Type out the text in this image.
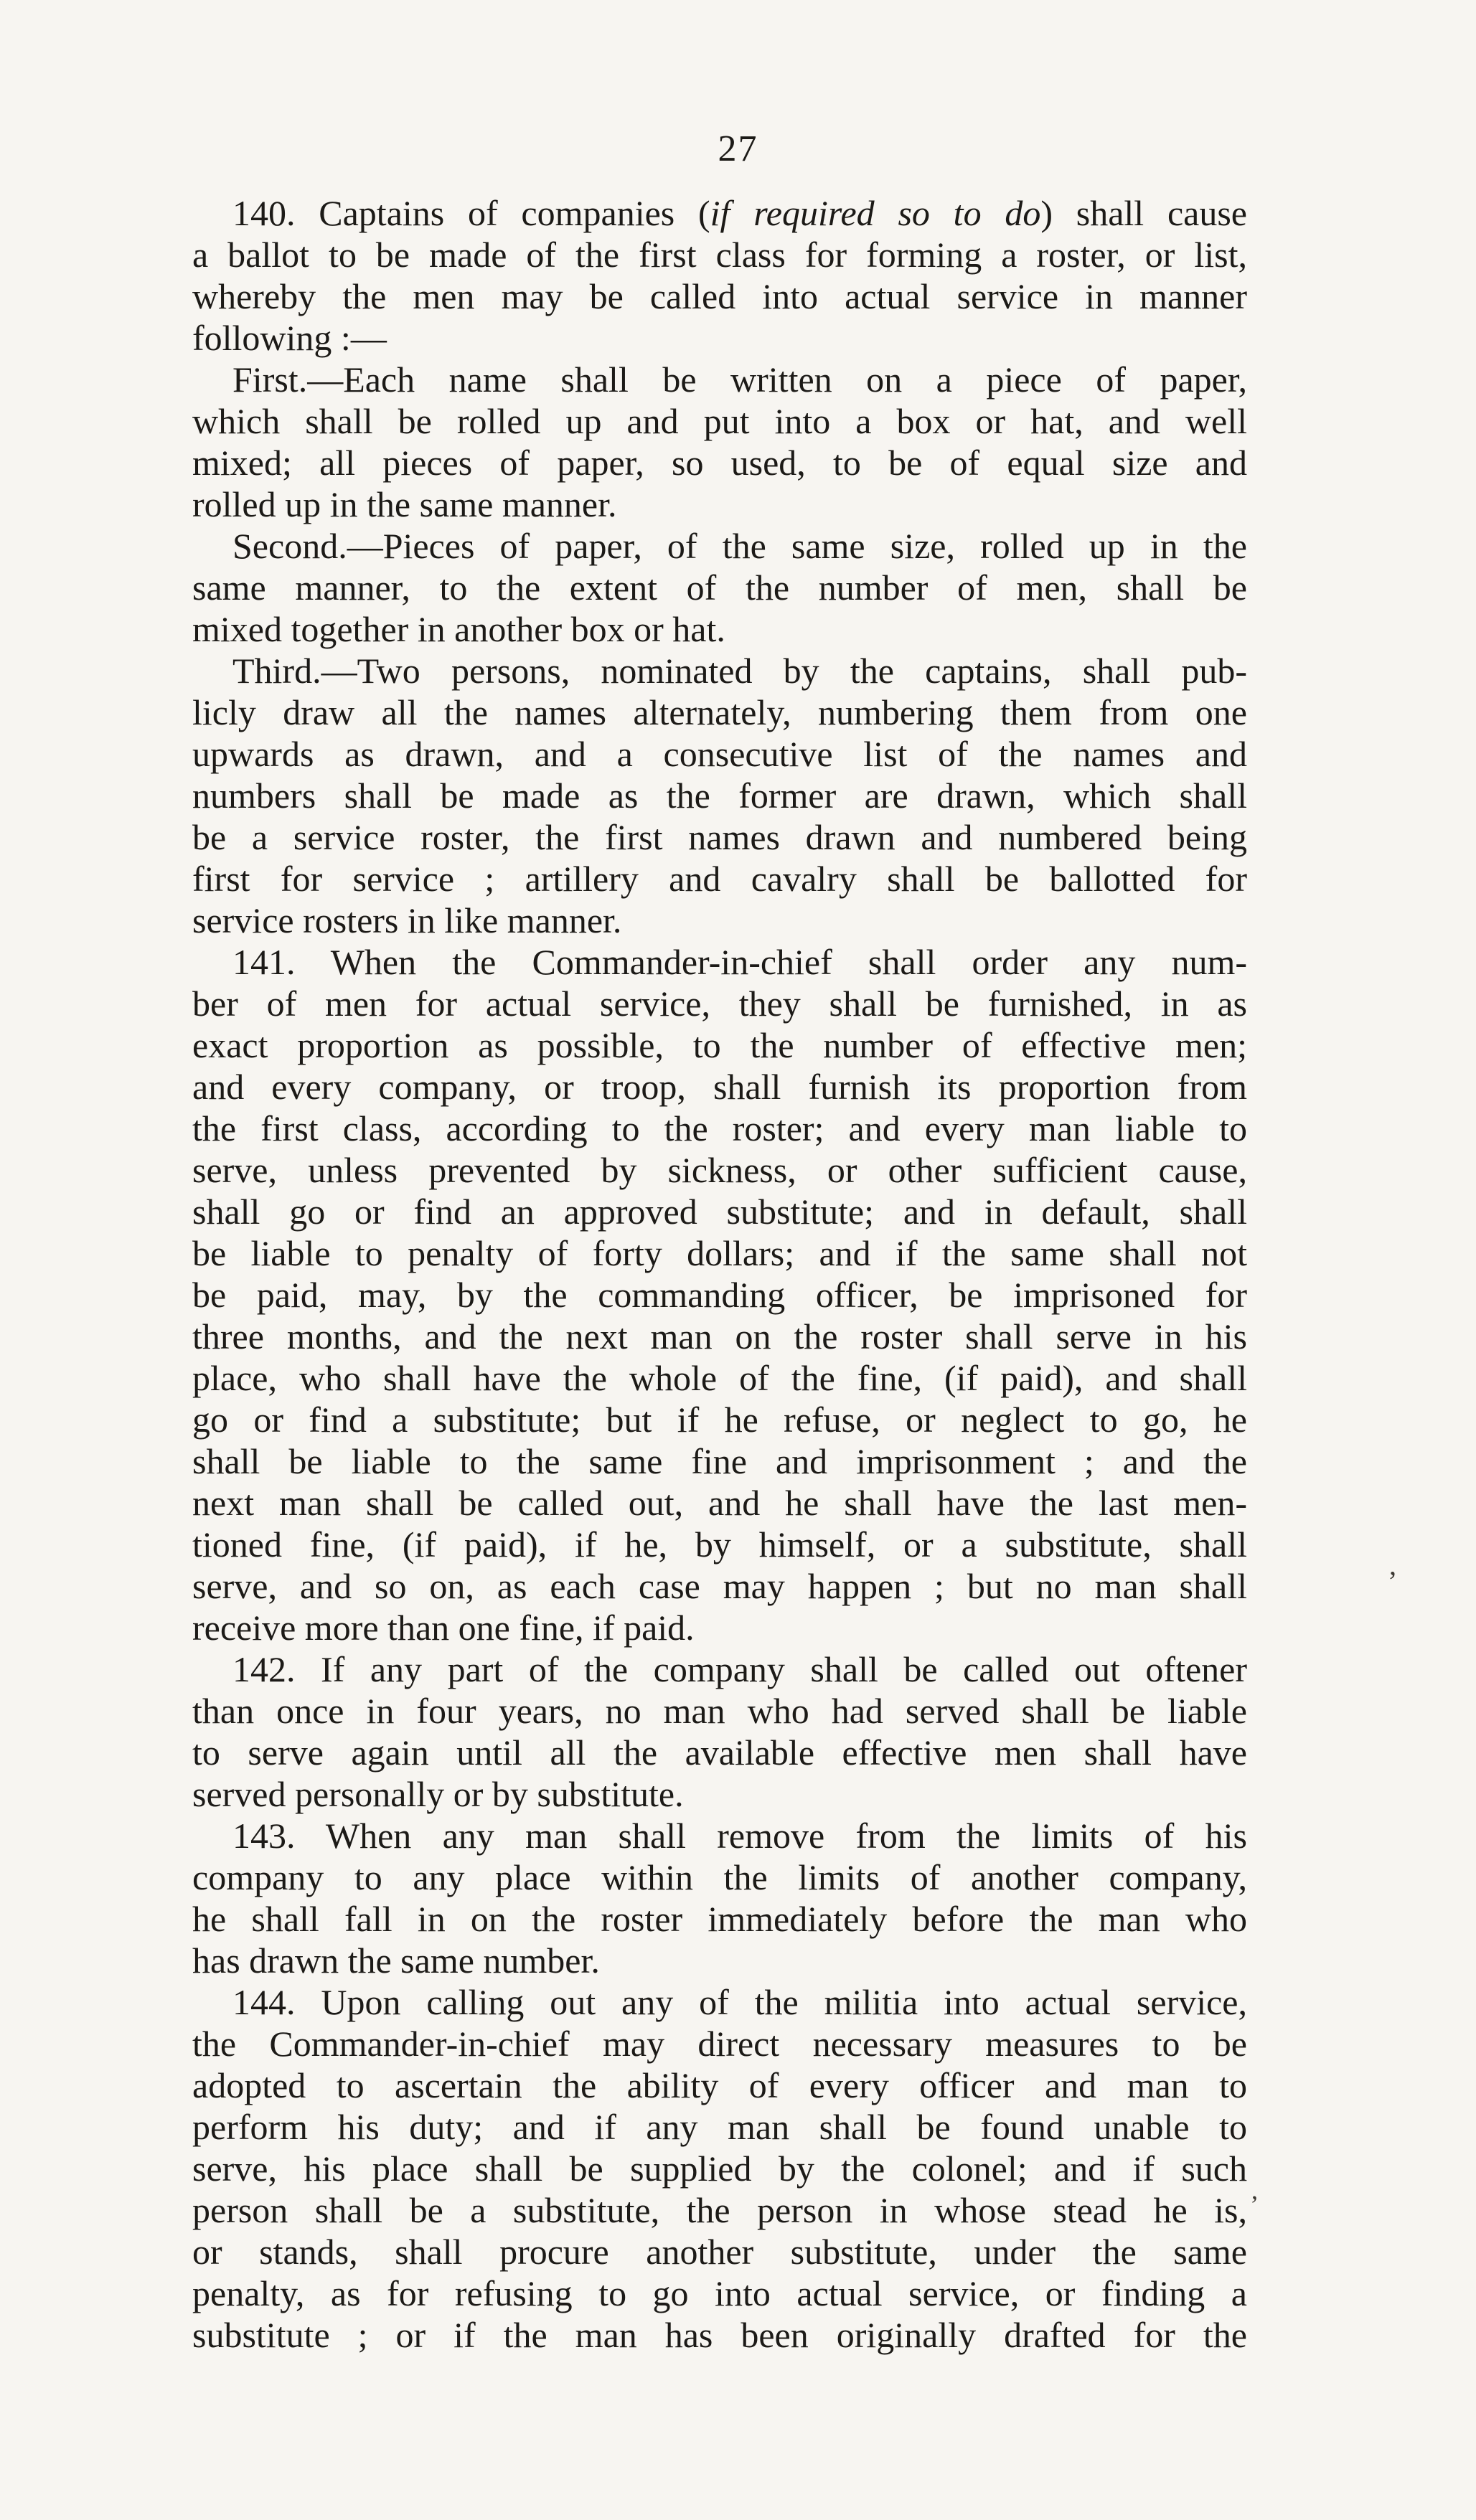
27
140. Captains of companies (if required so to do) shall cause
a ballot to be made of the first class for forming a roster, or list,
whereby the men may be called into actual service in manner
following :—
First.—Each name shall be written on a piece of paper,
which shall be rolled up and put into a box or hat, and well
mixed; all pieces of paper, so used, to be of equal size and
rolled up in the same manner.
Second.—Pieces of paper, of the same size, rolled up in the
same manner, to the extent of the number of men, shall be
mixed together in another box or hat.
Third.—Two persons, nominated by the captains, shall pub-
licly draw all the names alternately, numbering them from one
upwards as drawn, and a consecutive list of the names and
numbers shall be made as the former are drawn, which shall
be a service roster, the first names drawn and numbered being
first for service ; artillery and cavalry shall be ballotted for
service rosters in like manner.
141. When the Commander-in-chief shall order any num-
ber of men for actual service, they shall be furnished, in as
exact proportion as possible, to the number of effective men;
and every company, or troop, shall furnish its proportion from
the first class, according to the roster; and every man liable to
serve, unless prevented by sickness, or other sufficient cause,
shall go or find an approved substitute; and in default, shall
be liable to penalty of forty dollars; and if the same shall not
be paid, may, by the commanding officer, be imprisoned for
three months, and the next man on the roster shall serve in his
place, who shall have the whole of the fine, (if paid), and shall
go or find a substitute; but if he refuse, or neglect to go, he
shall be liable to the same fine and imprisonment ; and the
next man shall be called out, and he shall have the last men-
tioned fine, (if paid), if he, by himself, or a substitute, shall
serve, and so on, as each case may happen ; but no man shall
receive more than one fine, if paid.
142. If any part of the company shall be called out oftener
than once in four years, no man who had served shall be liable
to serve again until all the available effective men shall have
served personally or by substitute.
143. When any man shall remove from the limits of his
company to any place within the limits of another company,
he shall fall in on the roster immediately before the man who
has drawn the same number.
144. Upon calling out any of the militia into actual service,
the Commander-in-chief may direct necessary measures to be
adopted to ascertain the ability of every officer and man to
perform his duty; and if any man shall be found unable to
serve, his place shall be supplied by the colonel; and if such
person shall be a substitute, the person in whose stead he is,
or stands, shall procure another substitute, under the same
penalty, as for refusing to go into actual service, or finding a
substitute ; or if the man has been originally drafted for the
,
,
